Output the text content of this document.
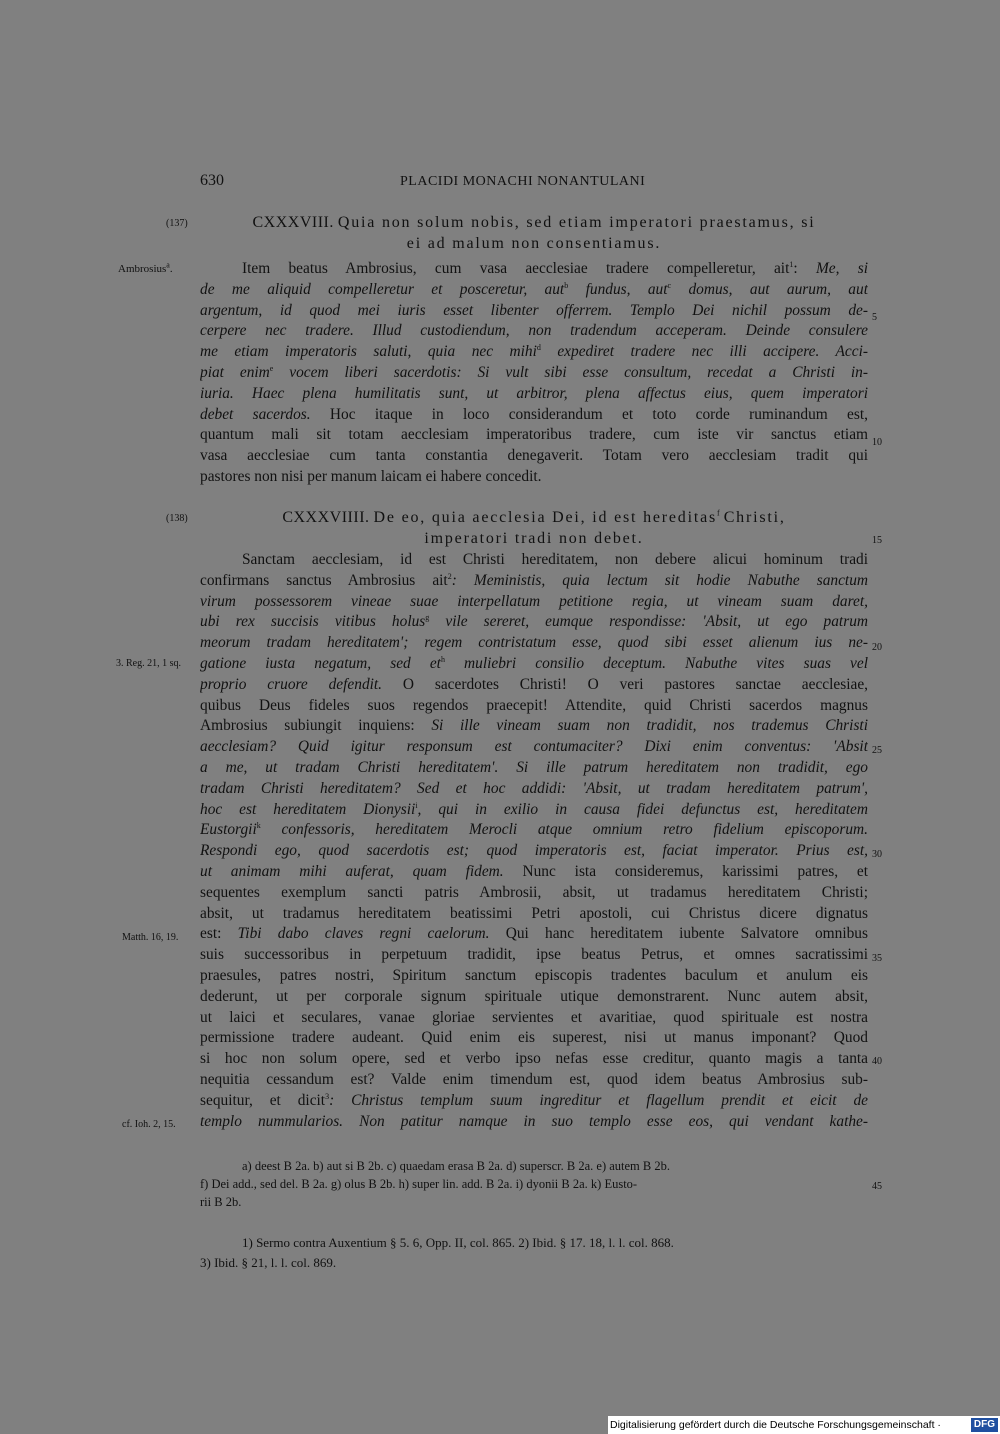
630	PLACIDI MONACHI NONANTULANI
(137)	CXXXVIII. Quia non solum nobis, sed etiam imperatori praestamus, si
ei ad malum non consentiamus.
Ambrosius$^a$.	Item beatus Ambrosius, cum vasa aecclesiae tradere compelleretur, ait$^1$: Me, si
de me aliquid compelleretur et posceretur, aut$^b$ fundus, aut$^c$ domus, aut aurum, aut
argentum, id quod mei iuris esset libenter offerrem. Templo Dei nichil possum de-
cerpere nec tradere. Illud custodiendum, non tradendum acceperam. Deinde consulere
me etiam imperatoris saluti, quia nec mihi$^d$ expediret tradere nec illi accipere. Acci-
piat enim$^e$ vocem liberi sacerdotis: Si vult sibi esse consultum, recedat a Christi in-
iuria. Haec plena humilitatis sunt, ut arbitror, plena affectus eius, quem imperatori
debet sacerdos. Hoc itaque in loco considerandum et toto corde ruminandum est,
quantum mali sit totam aecclesiam imperatoribus tradere, cum iste vir sanctus etiam
vasa aecclesiae cum tanta constantia denegaverit. Totam vero aecclesiam tradit qui
pastores non nisi per manum laicam ei habere concedit.
5
10
(138)	CXXXVIIII. De eo, quia aecclesia Dei, id est hereditas$^f$ Christi,
imperatori tradi non debet.	15
Sanctam aecclesiam, id est Christi hereditatem, non debere alicui hominum tradi
confirmans sanctus Ambrosius ait$^2$: Meministis, quia lectum sit hodie Nabuthe sanctum
virum possessorem vineae suae interpellatum petitione regia, ut vineam suam daret,
ubi rex succisis vitibus holus$^g$ vile sereret, eumque respondisse: 'Absit, ut ego patrum
meorum tradam hereditatem'; regem contristatum esse, quod sibi esset alienum ius ne-
gatione iusta negatum, sed $et^h$ muliebri consilio deceptum. Nabuthe vites suas vel
proprio cruore defendit. O sacerdotes Christi! O veri pastores sanctae aecclesiae,
quibus Deus fideles suos regendos praecepit! Attendite, quid Christi sacerdos magnus
Ambrosius subiungit inquiens: Si ille vineam suam non tradidit, nos trademus Christi
aecclesiam? Quid igitur responsum est contumaciter? Dixi enim conventus: 'Absit
a me, ut tradam Christi hereditatem'. Si ille patrum hereditatem non tradidit, ego
tradam Christi hereditatem? Sed et hoc addidi: 'Absit, ut tradam hereditatem patrum',
hoc est hereditatem Dionysii$^i$, qui in exilio in causa fidei defunctus est, hereditatem
Eustorgii$^k$ confessoris, hereditatem Merocli atque omnium retro fidelium episcoporum.
Respondi ego, quod sacerdotis est; quod imperatoris est, faciat imperator. Prius est,
ut animam mihi auferat, quam fidem. Nunc ista consideremus, karissimi patres, et
sequentes exemplum sancti patris Ambrosii, absit, ut tradamus hereditatem Christi;
absit, ut tradamus hereditatem beatissimi Petri apostoli, cui Christus dicere dignatus
est: Tibi dabo claves regni caelorum. Qui hanc hereditatem iubente Salvatore omnibus
suis successoribus in perpetuum tradidit, ipse beatus Petrus, et omnes sacratissimi
praesules, patres nostri, Spiritum sanctum episcopis tradentes baculum et anulum eis
dederunt, ut per corporale signum spirituale utique demonstrarent. Nunc autem absit,
ut laici et seculares, vanae gloriae servientes et avaritiae, quod spirituale est nostra
permissione tradere audeant. Quid enim eis superest, nisi ut manus imponant? Quod
si hoc non solum opere, sed et verbo ipso nefas esse creditur, quanto magis a tanta
nequitia cessandum est? Valde enim timendum est, quod idem beatus Ambrosius sub-
sequitur, et dicit$^3$: Christus templum suum ingreditur et flagellum prendit et eicit de
templo nummularios. Non patitur namque in suo templo esse eos, qui vendant kathe-
3. Reg. 21, 1 sq.
Matth. 16, 19.
cf. Ioh. 2, 15.
20
25
30
35
40
a) deest B 2a. b) aut si B 2b. c) quaedam erasa B 2a. d) superscr. B 2a. e) autem B 2b.
f) Dei add., sed del. B 2a. g) olus B 2b. h) super lin. add. B 2a. i) dyonii B 2a. k) Eusto-
rii B 2b.
45
1) Sermo contra Auxentium § 5. 6, Opp. II, col. 865. 2) Ibid. § 17. 18, l. l. col. 868.
3) Ibid. § 21, l. l. col. 869.
Digitalisierung gefördert durch die Deutsche Forschungsgemeinschaft ·	DFG
